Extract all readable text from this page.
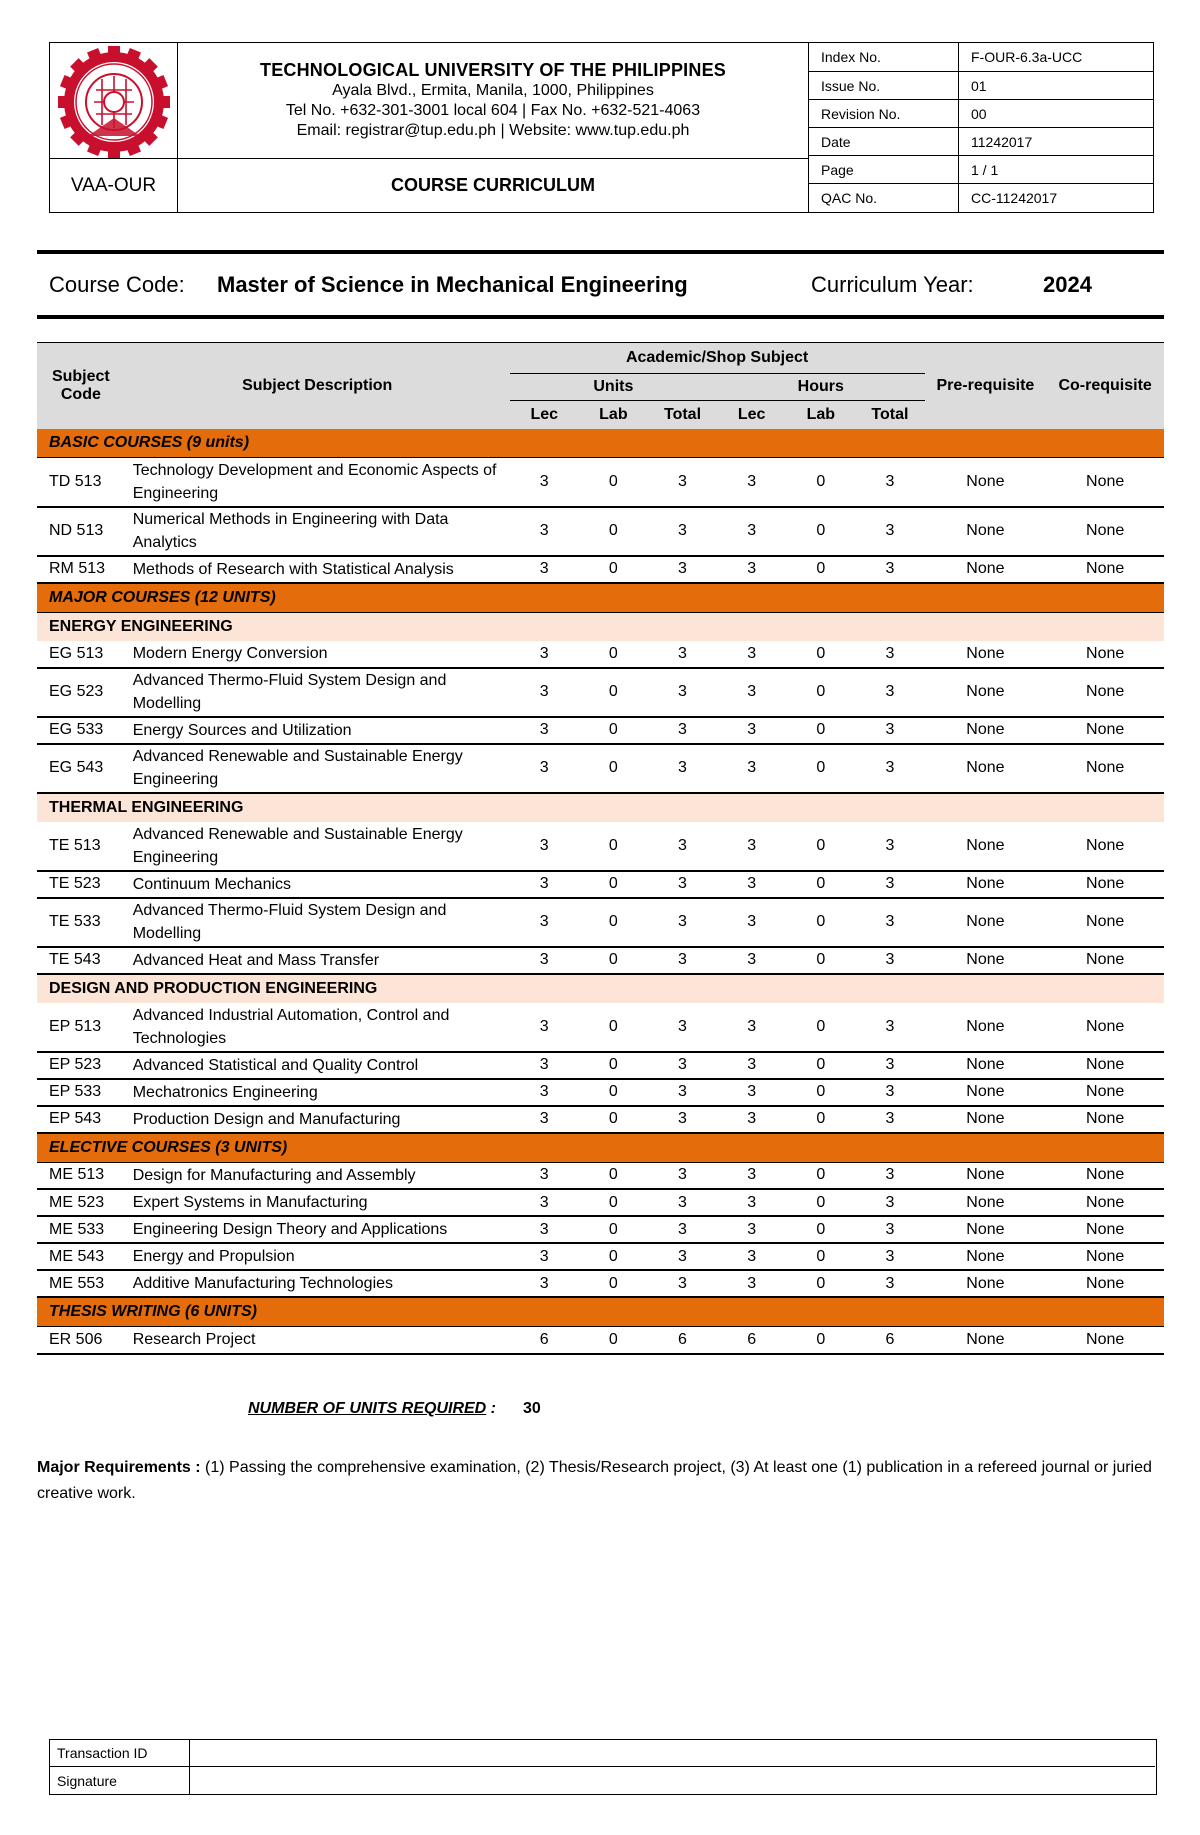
TECHNOLOGICAL UNIVERSITY OF THE PHILIPPINES
Ayala Blvd., Ermita, Manila, 1000, Philippines
Tel No. +632-301-3001 local 604 | Fax No. +632-521-4063
Email: registrar@tup.edu.ph | Website: www.tup.edu.ph
VAA-OUR	COURSE CURRICULUM
Index No.	F-OUR-6.3a-UCC
Issue No.	01
Revision No.	00
Date	11242017
Page	1 / 1
QAC No.	CC-11242017
Course Code: Master of Science in Mechanical Engineering	Curriculum Year:	2024
Subject Code	Subject Description	Academic/Shop Subject						Pre-requisite	Co-requisite
		Units			Hours				
		Lec	Lab	Total	Lec	Lab	Total		
BASIC COURSES (9 units)									
TD 513	Technology Development and Economic Aspects of Engineering	3	0	3	3	0	3	None	None
ND 513	Numerical Methods in Engineering with Data Analytics	3	0	3	3	0	3	None	None
RM 513	Methods of Research with Statistical Analysis	3	0	3	3	0	3	None	None
MAJOR COURSES (12 UNITS)									
ENERGY ENGINEERING									
EG 513	Modern Energy Conversion	3	0	3	3	0	3	None	None
EG 523	Advanced Thermo-Fluid System Design and Modelling	3	0	3	3	0	3	None	None
EG 533	Energy Sources and Utilization	3	0	3	3	0	3	None	None
EG 543	Advanced Renewable and Sustainable Energy Engineering	3	0	3	3	0	3	None	None
THERMAL ENGINEERING									
TE 513	Advanced Renewable and Sustainable Energy Engineering	3	0	3	3	0	3	None	None
TE 523	Continuum Mechanics	3	0	3	3	0	3	None	None
TE 533	Advanced Thermo-Fluid System Design and Modelling	3	0	3	3	0	3	None	None
TE 543	Advanced Heat and Mass Transfer	3	0	3	3	0	3	None	None
DESIGN AND PRODUCTION ENGINEERING									
EP 513	Advanced Industrial Automation, Control and Technologies	3	0	3	3	0	3	None	None
EP 523	Advanced Statistical and Quality Control	3	0	3	3	0	3	None	None
EP 533	Mechatronics Engineering	3	0	3	3	0	3	None	None
EP 543	Production Design and Manufacturing	3	0	3	3	0	3	None	None
ELECTIVE COURSES (3 UNITS)									
ME 513	Design for Manufacturing and Assembly	3	0	3	3	0	3	None	None
ME 523	Expert Systems in Manufacturing	3	0	3	3	0	3	None	None
ME 533	Engineering Design Theory and Applications	3	0	3	3	0	3	None	None
ME 543	Energy and Propulsion	3	0	3	3	0	3	None	None
ME 553	Additive Manufacturing Technologies	3	0	3	3	0	3	None	None
THESIS WRITING (6 UNITS)									
ER 506	Research Project	6	0	6	6	0	6	None	None
NUMBER OF UNITS REQUIRED : 30
Major Requirements : (1) Passing the comprehensive examination, (2) Thesis/Research project, (3) At least one (1) publication in a refereed journal or juried creative work.
Transaction ID
Signature
